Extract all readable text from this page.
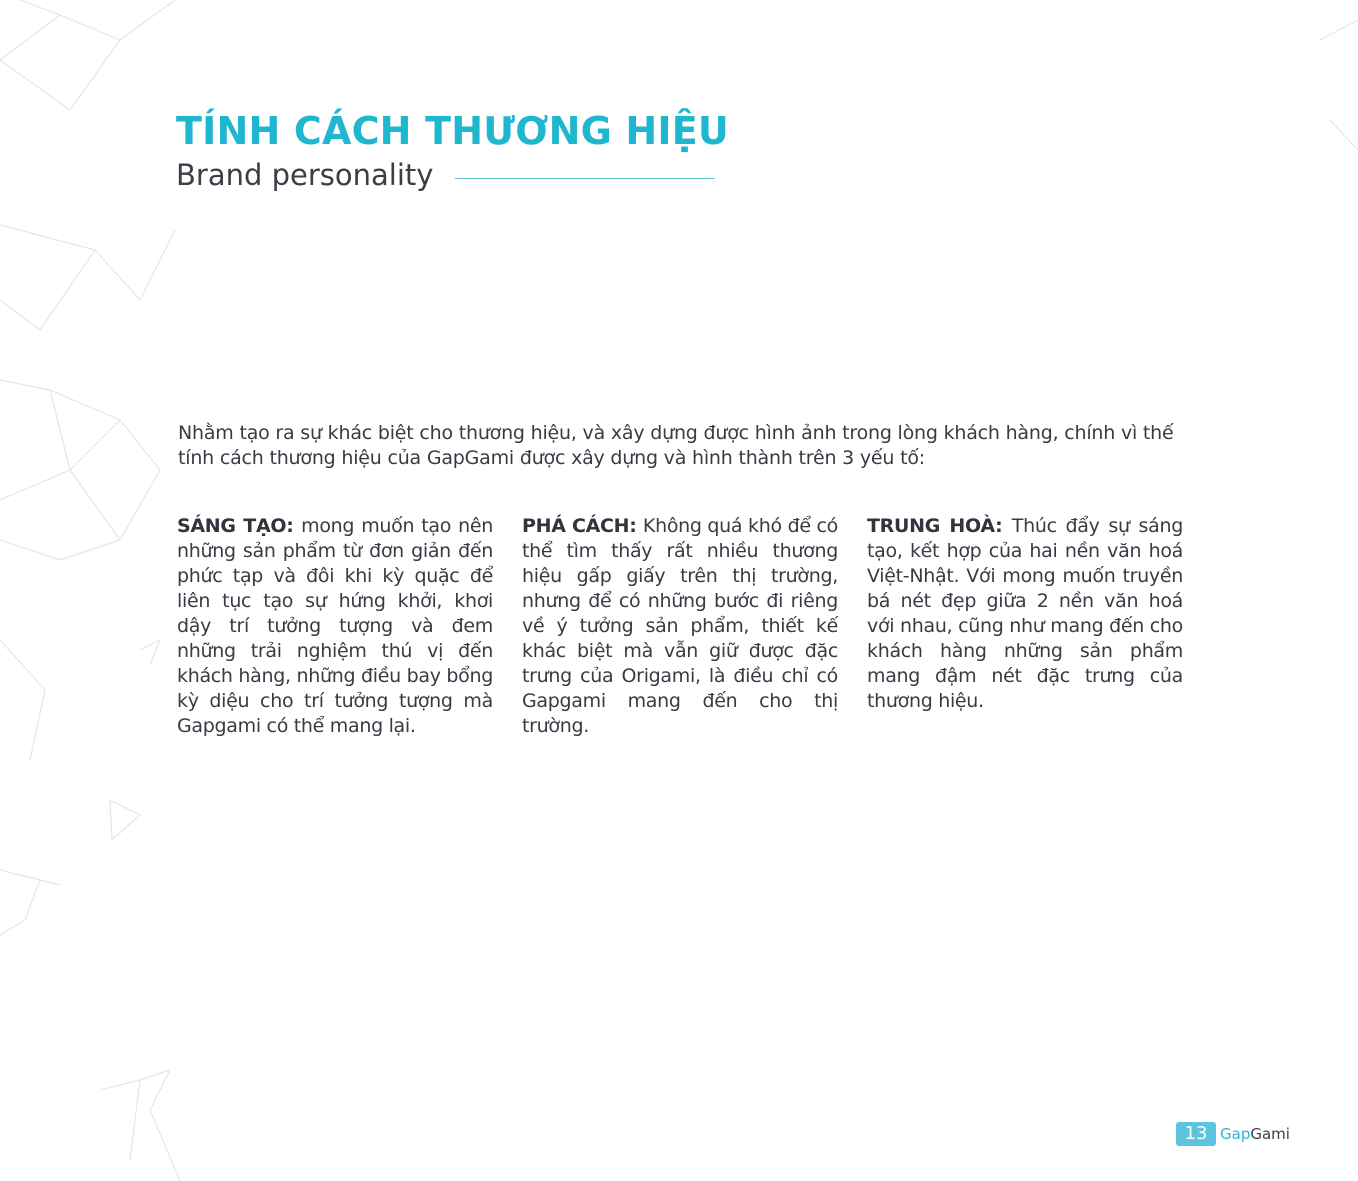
TÍNH CÁCH THƯƠNG HIỆU
Brand personality

Nhằm tạo ra sự khác biệt cho thương hiệu, và xây dựng được hình ảnh trong lòng khách hàng, chính vì thế tính cách thương hiệu của GapGami được xây dựng và hình thành trên 3 yếu tố:

SÁNG TẠO: mong muốn tạo nên những sản phẩm từ đơn giản đến phức tạp và đôi khi kỳ quặc để liên tục tạo sự hứng khởi, khơi dậy trí tưởng tượng và đem những trải nghiệm thú vị đến khách hàng, những điều bay bổng kỳ diệu cho trí tưởng tượng mà Gapgami có thể mang lại.

PHÁ CÁCH: Không quá khó để có thể tìm thấy rất nhiều thương hiệu gấp giấy trên thị trường, nhưng để có những bước đi riêng về ý tưởng sản phẩm, thiết kế khác biệt mà vẫn giữ được đặc trưng của Origami, là điều chỉ có Gapgami mang đến cho thị trường.

TRUNG HOÀ: Thúc đẩy sự sáng tạo, kết hợp của hai nền văn hoá Việt-Nhật. Với mong muốn truyền bá nét đẹp giữa 2 nền văn hoá với nhau, cũng như mang đến cho khách hàng những sản phẩm mang đậm nét đặc trưng của thương hiệu.

13 GapGami
